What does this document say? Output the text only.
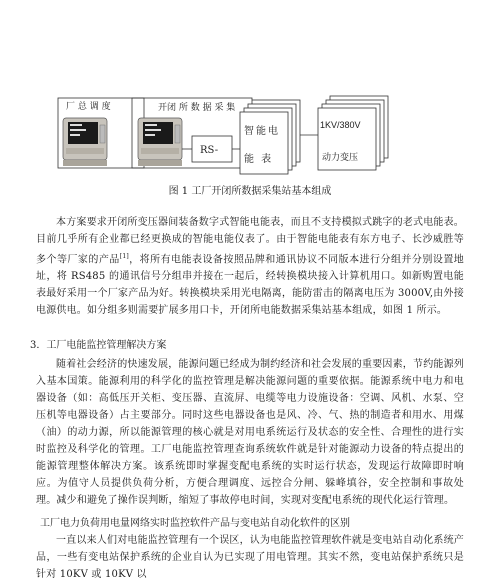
厂 总 调 度	开闭 所 数 据 采 集
RS-
智能电
能 表
1KV/380V
动力变压
图 1 工厂开闭所数据采集站基本组成
本方案要求开闭所变压器间装备数字式智能电能表，而且不支持模拟式跳字的老式电能表。目前几乎所有企业都已经更换成的智能电能仪表了。由于智能电能表有东方电子、长沙威胜等多个等厂家的产品[1]，将所有电能表设备按照品牌和通讯协议不同版本进行分组并分别设置地址，将 RS485 的通讯信号分组串并接在一起后，经转换模块接入计算机用口。如新购置电能表最好采用一个厂家产品为好。转换模块采用光电隔离，能防雷击的隔离电压为 3000V,由外接电源供电。如分组多则需要扩展多用口卡，开闭所电能数据采集站基本组成，如图 1 所示。
3．工厂电能监控管理解决方案
随着社会经济的快速发展，能源问题已经成为制约经济和社会发展的重要因素，节约能源列入基本国策。能源利用的科学化的监控管理是解决能源问题的重要依据。能源系统中电力和电器设备（如：高低压开关柜、变压器、直流屏、电缆等电力设施设备：空调、风机、水泵、空压机等电器设备）占主要部分。同时这些电器设备也是风、冷、气、热的制造者和用水、用煤（油）的动力源，所以能源管理的核心就是对用电系统运行及状态的安全性、合理性的进行实时监控及科学化的管理。工厂电能监控管理查询系统软件就是针对能源动力设备的特点提出的能源管理整体解决方案。该系统即时掌握变配电系统的实时运行状态，发现运行故障即时响应。为值守人员提供负荷分析，方便合理调度、远控合分闸、躲峰填谷，安全控制和事故处理。减少和避免了操作误判断，缩短了事故停电时间，实现对变配电系统的现代化运行管理。
工厂电力负荷用电量网络实时监控软件产品与变电站自动化软件的区别
一直以来人们对电能监控管理有一个误区，认为电能监控管理软件就是变电站自动化系统产品，一些有变电站保护系统的企业自认为已实现了用电管理。其实不然，变电站保护系统只是针对 10KV 或 10KV 以
